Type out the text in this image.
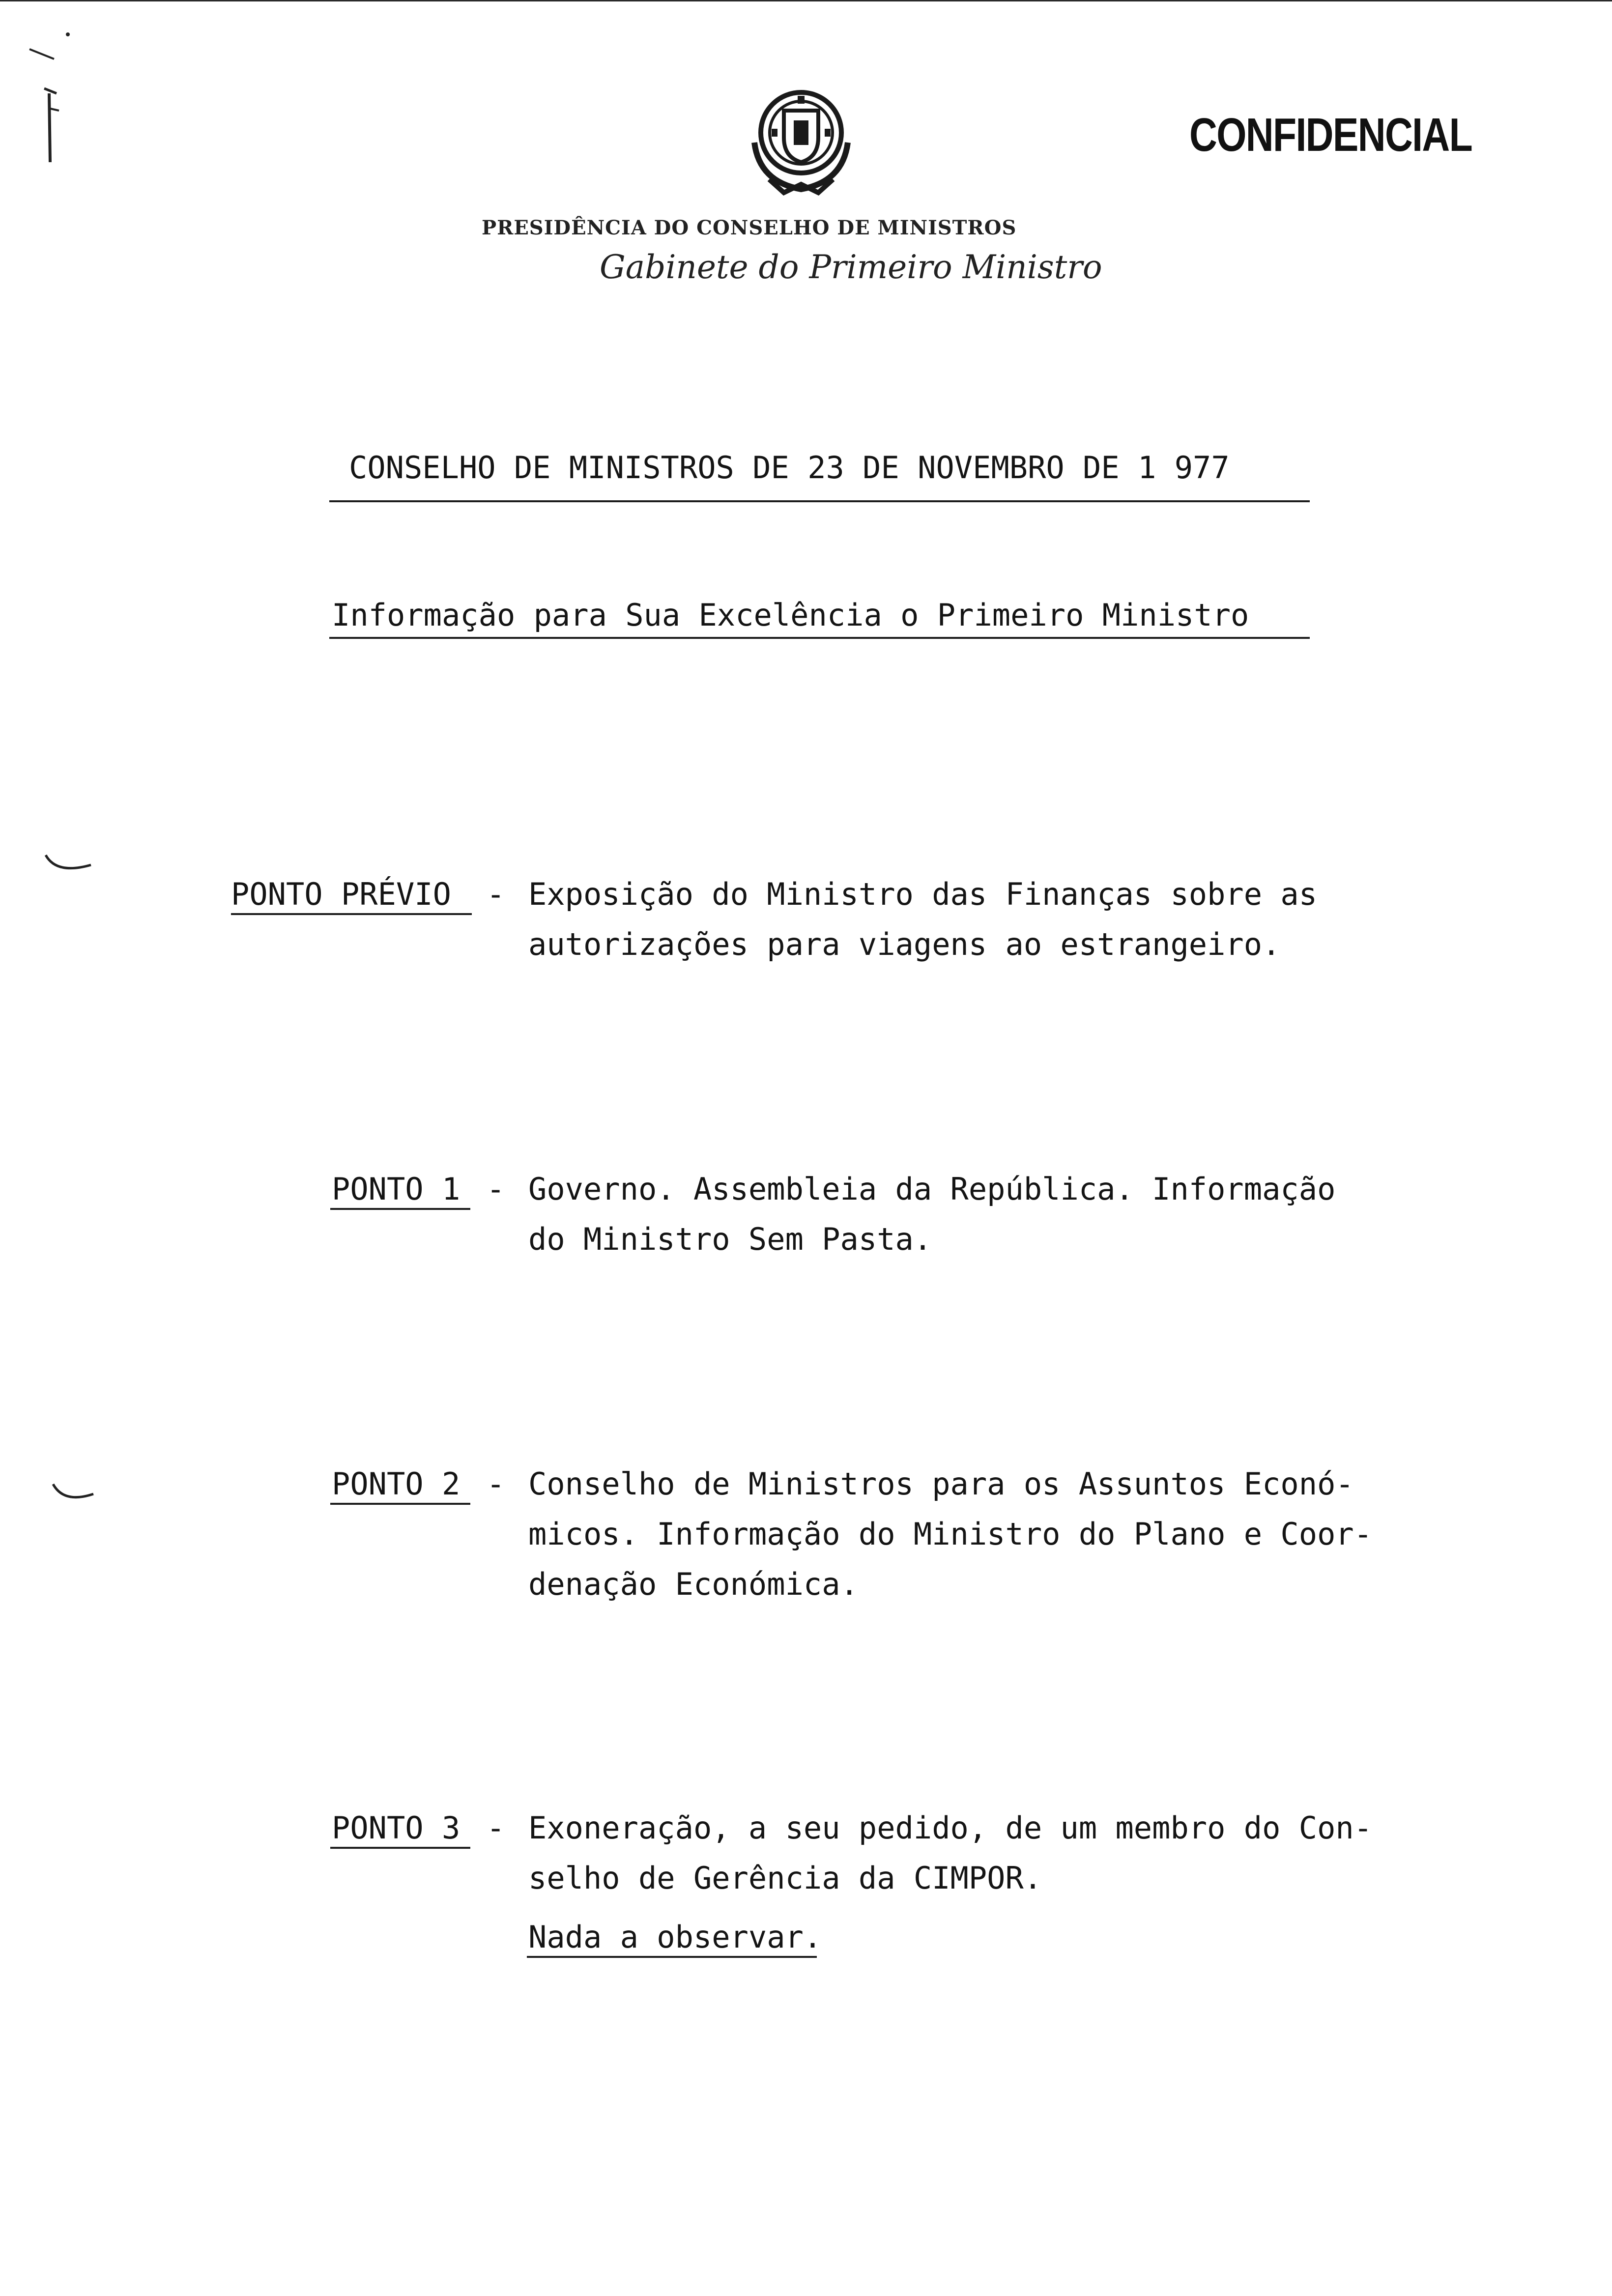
CONFIDENCIAL
PRESIDÊNCIA DO CONSELHO DE MINISTROS
Gabinete do Primeiro Ministro
CONSELHO DE MINISTROS DE 23 DE NOVEMBRO DE 1 977
Informação para Sua Excelência o Primeiro Ministro
PONTO PRÉVIO - Exposição do Ministro das Finanças sobre as
autorizações para viagens ao estrangeiro.
PONTO 1 - Governo. Assembleia da República. Informação
do Ministro Sem Pasta.
PONTO 2 - Conselho de Ministros para os Assuntos Econó-
micos. Informação do Ministro do Plano e Coor-
denação Económica.
PONTO 3 - Exoneração, a seu pedido, de um membro do Con-
selho de Gerência da CIMPOR.
Nada a observar.
